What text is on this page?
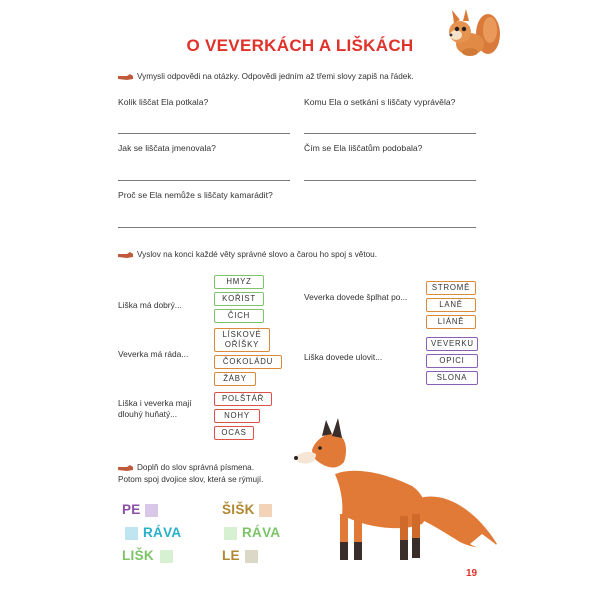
O VEVERKÁCH A LIŠKÁCH
Vymysli odpovědi na otázky. Odpovědi jedním až třemi slovy zapiš na řádek.
Kolik liščat Ela potkala?	Komu Ela o setkání s liščaty vyprávěla?
Jak se liščata jmenovala?	Čím se Ela liščatům podobala?
Proč se Ela nemůže s liščaty kamarádit?
Vyslov na konci každé věty správné slovo a čarou ho spoj s větou.
Liška má dobrý...
HMYZ
KOŘIST
ČICH
Veverka má ráda...
LÍSKOVÉ OŘÍŠKY
ČOKOLÁDU
ŽÁBY
Liška i veverka mají dlouhý huňatý...
POLŠTÁŘ
NOHY
OCAS
Veverka dovede šplhat po...
STROMĚ
LANĚ
LIÁNĚ
Liška dovede ulovit...
VEVERKU
OPICI
SLONA
Doplň do slov správná písmena.
Potom spoj dvojice slov, která se rýmují.
PE
RÁVA
LIŠK
ŠIŠK
RÁVA
LE
19
